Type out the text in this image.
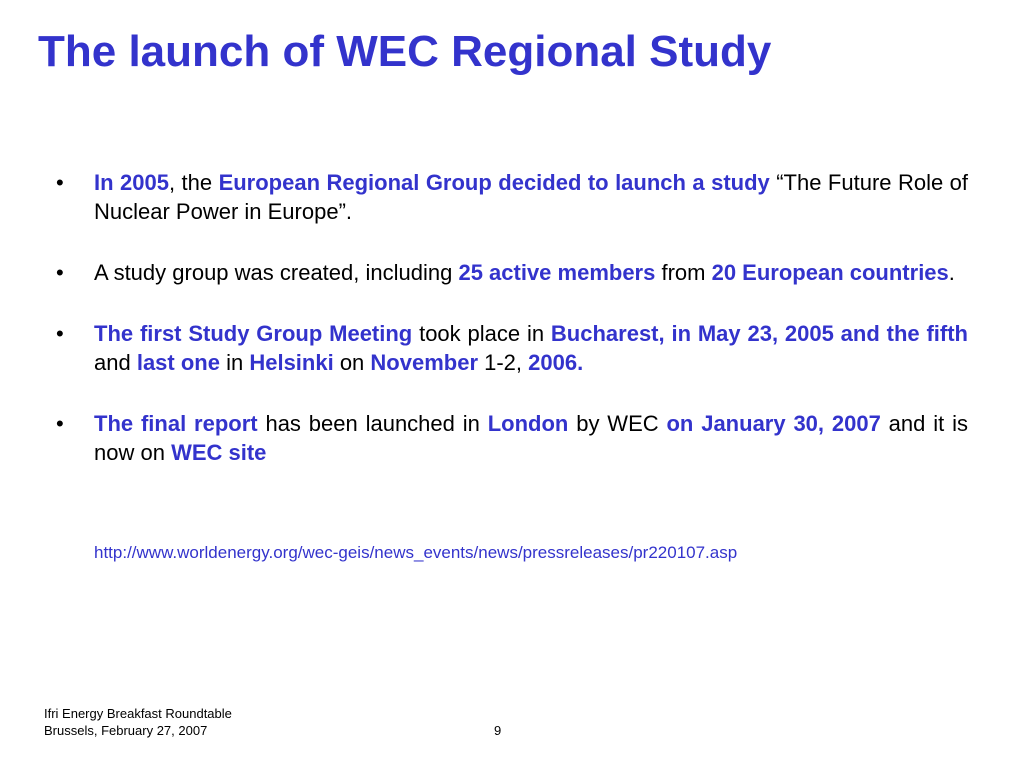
The launch of WEC Regional Study
• In 2005, the European Regional Group decided to launch a study “The Future Role of Nuclear Power in Europe”.
• A study group was created, including 25 active members from 20 European countries.
• The first Study Group Meeting took place in Bucharest, in May 23, 2005 and the fifth and last one in Helsinki on November 1-2, 2006.
• The final report has been launched in London by WEC on January 30, 2007 and it is now on WEC site
http://www.worldenergy.org/wec-geis/news_events/news/pressreleases/pr220107.asp
Ifri Energy Breakfast Roundtable
Brussels, February 27, 2007	9
